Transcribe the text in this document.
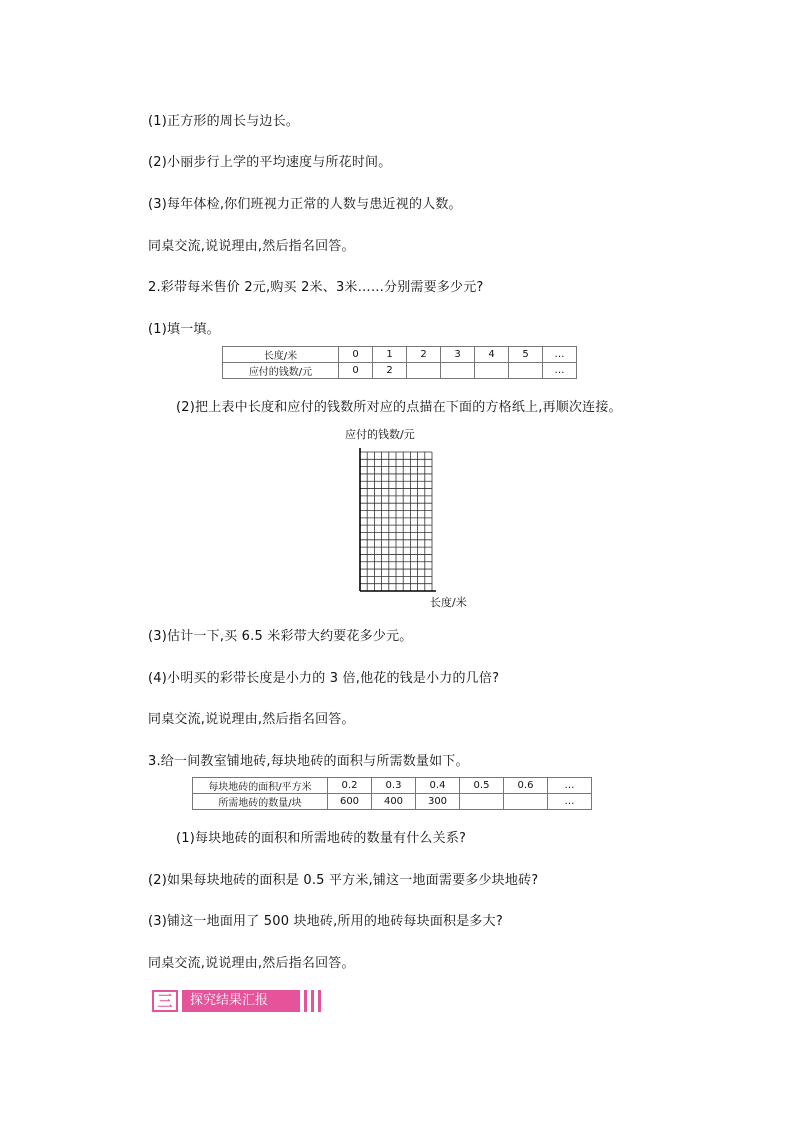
(1)正方形的周长与边长。
(2)小丽步行上学的平均速度与所花时间。
(3)每年体检,你们班视力正常的人数与患近视的人数。
同桌交流,说说理由,然后指名回答。
2.彩带每米售价 2元,购买 2米、3米……分别需要多少元?
(1)填一填。
长度/米	0	1	2	3	4	5	…
应付的钱数/元	0	2					…
(2)把上表中长度和应付的钱数所对应的点描在下面的方格纸上,再顺次连接。
应付的钱数/元
长度/米
(3)估计一下,买 6.5 米彩带大约要花多少元。
(4)小明买的彩带长度是小力的 3 倍,他花的钱是小力的几倍?
同桌交流,说说理由,然后指名回答。
3.给一间教室铺地砖,每块地砖的面积与所需数量如下。
每块地砖的面积/平方米	0.2	0.3	0.4	0.5	0.6	…
所需地砖的数量/块	600	400	300			…
(1)每块地砖的面积和所需地砖的数量有什么关系?
(2)如果每块地砖的面积是 0.5 平方米,铺这一地面需要多少块地砖?
(3)铺这一地面用了 500 块地砖,所用的地砖每块面积是多大?
同桌交流,说说理由,然后指名回答。
三	探究结果汇报
